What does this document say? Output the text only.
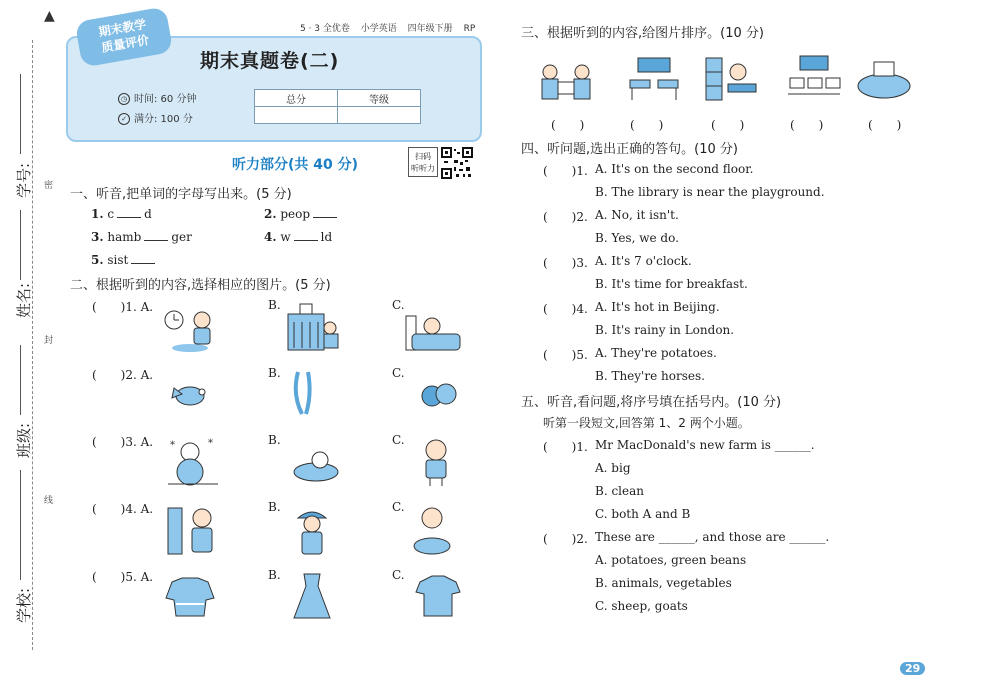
▲
密
封
线
学号:
姓名:
班级:
学校:
期末教学
质量评价
5 · 3 全优卷 小学英语 四年级下册 RP
期末真题卷(二)
◷ 时间: 60 分钟
✓ 满分: 100 分
总分	等级

听力部分(共 40 分)
扫码
听听力
一、听音,把单词的字母写出来。(5 分)
1. c	d	2. peop
3. hamb	ger	4. w	ld
5. sist
二、根据听到的内容,选择相应的图片。(5 分)
(　　)1. A.	B.	C.
(　　)2. A.	B.	C.
(　　)3. A.	B.	C.
*
*
(　　)4. A.	B.	C.
(　　)5. A.	B.	C.
三、根据听到的内容,给图片排序。(10 分)
(　　)	(　　)	(　　)	(　　)	(　　)
四、听问题,选出正确的答句。(10 分)
(　　)1. A. It's on the second floor.
B. The library is near the playground.
(　　)2. A. No, it isn't.
B. Yes, we do.
(　　)3. A. It's 7 o'clock.
B. It's time for breakfast.
(　　)4. A. It's hot in Beijing.
B. It's rainy in London.
(　　)5. A. They're potatoes.
B. They're horses.
五、听音,看问题,将序号填在括号内。(10 分)
听第一段短文,回答第 1、2 两个小题。
(　　)1. Mr MacDonald's new farm is ______.
A. big
B. clean
C. both A and B
(　　)2. These are ______, and those are ______.
A. potatoes, green beans
B. animals, vegetables
C. sheep, goats
29
